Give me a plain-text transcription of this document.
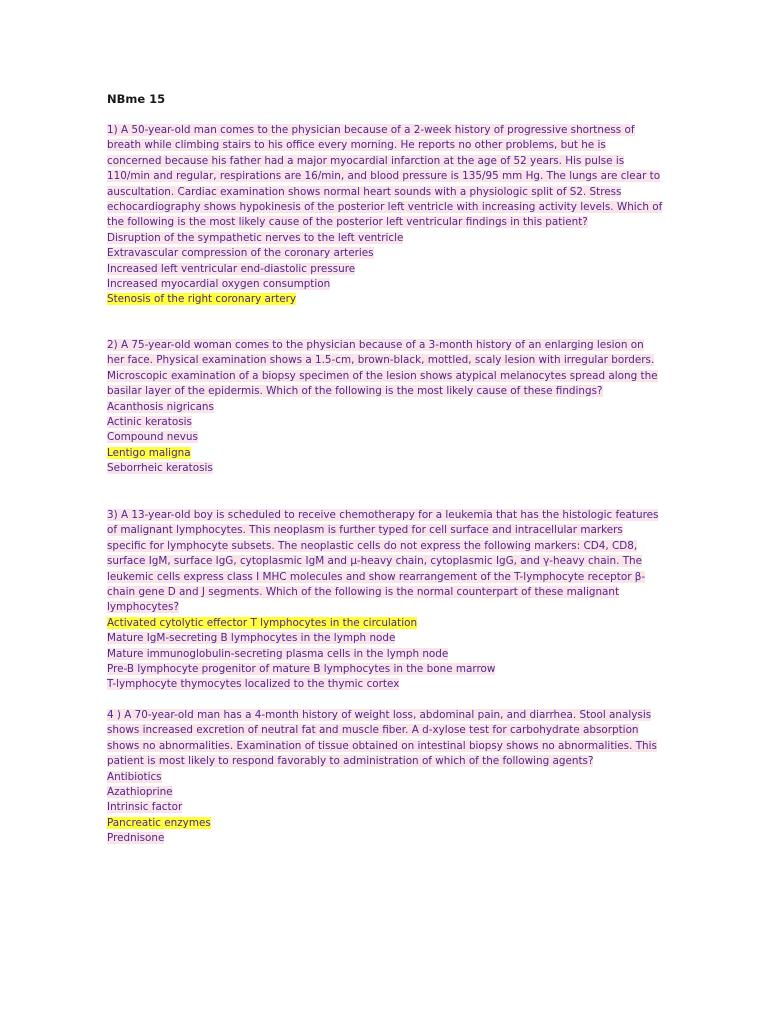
NBme 15

1) A 50-year-old man comes to the physician because of a 2-week history of progressive shortness of breath while climbing stairs to his office every morning. He reports no other problems, but he is concerned because his father had a major myocardial infarction at the age of 52 years. His pulse is 110/min and regular, respirations are 16/min, and blood pressure is 135/95 mm Hg. The lungs are clear to auscultation. Cardiac examination shows normal heart sounds with a physiologic split of S2. Stress echocardiography shows hypokinesis of the posterior left ventricle with increasing activity levels. Which of the following is the most likely cause of the posterior left ventricular findings in this patient?

Disruption of the sympathetic nerves to the left ventricle

Extravascular compression of the coronary arteries

Increased left ventricular end-diastolic pressure

Increased myocardial oxygen consumption

Stenosis of the right coronary artery

2) A 75-year-old woman comes to the physician because of a 3-month history of an enlarging lesion on her face. Physical examination shows a 1.5-cm, brown-black, mottled, scaly lesion with irregular borders. Microscopic examination of a biopsy specimen of the lesion shows atypical melanocytes spread along the basilar layer of the epidermis. Which of the following is the most likely cause of these findings?

Acanthosis nigricans

Actinic keratosis

Compound nevus

Lentigo maligna

Seborrheic keratosis

3) A 13-year-old boy is scheduled to receive chemotherapy for a leukemia that has the histologic features of malignant lymphocytes. This neoplasm is further typed for cell surface and intracellular markers specific for lymphocyte subsets. The neoplastic cells do not express the following markers: CD4, CD8, surface IgM, surface IgG, cytoplasmic IgM and μ-heavy chain, cytoplasmic IgG, and γ-heavy chain. The leukemic cells express class I MHC molecules and show rearrangement of the T-lymphocyte receptor β-chain gene D and J segments. Which of the following is the normal counterpart of these malignant lymphocytes?

Activated cytolytic effector T lymphocytes in the circulation

Mature IgM-secreting B lymphocytes in the lymph node

Mature immunoglobulin-secreting plasma cells in the lymph node

Pre-B lymphocyte progenitor of mature B lymphocytes in the bone marrow

T-lymphocyte thymocytes localized to the thymic cortex

4 ) A 70-year-old man has a 4-month history of weight loss, abdominal pain, and diarrhea. Stool analysis shows increased excretion of neutral fat and muscle fiber. A d-xylose test for carbohydrate absorption shows no abnormalities. Examination of tissue obtained on intestinal biopsy shows no abnormalities. This patient is most likely to respond favorably to administration of which of the following agents?

Antibiotics

Azathioprine

Intrinsic factor

Pancreatic enzymes

Prednisone
